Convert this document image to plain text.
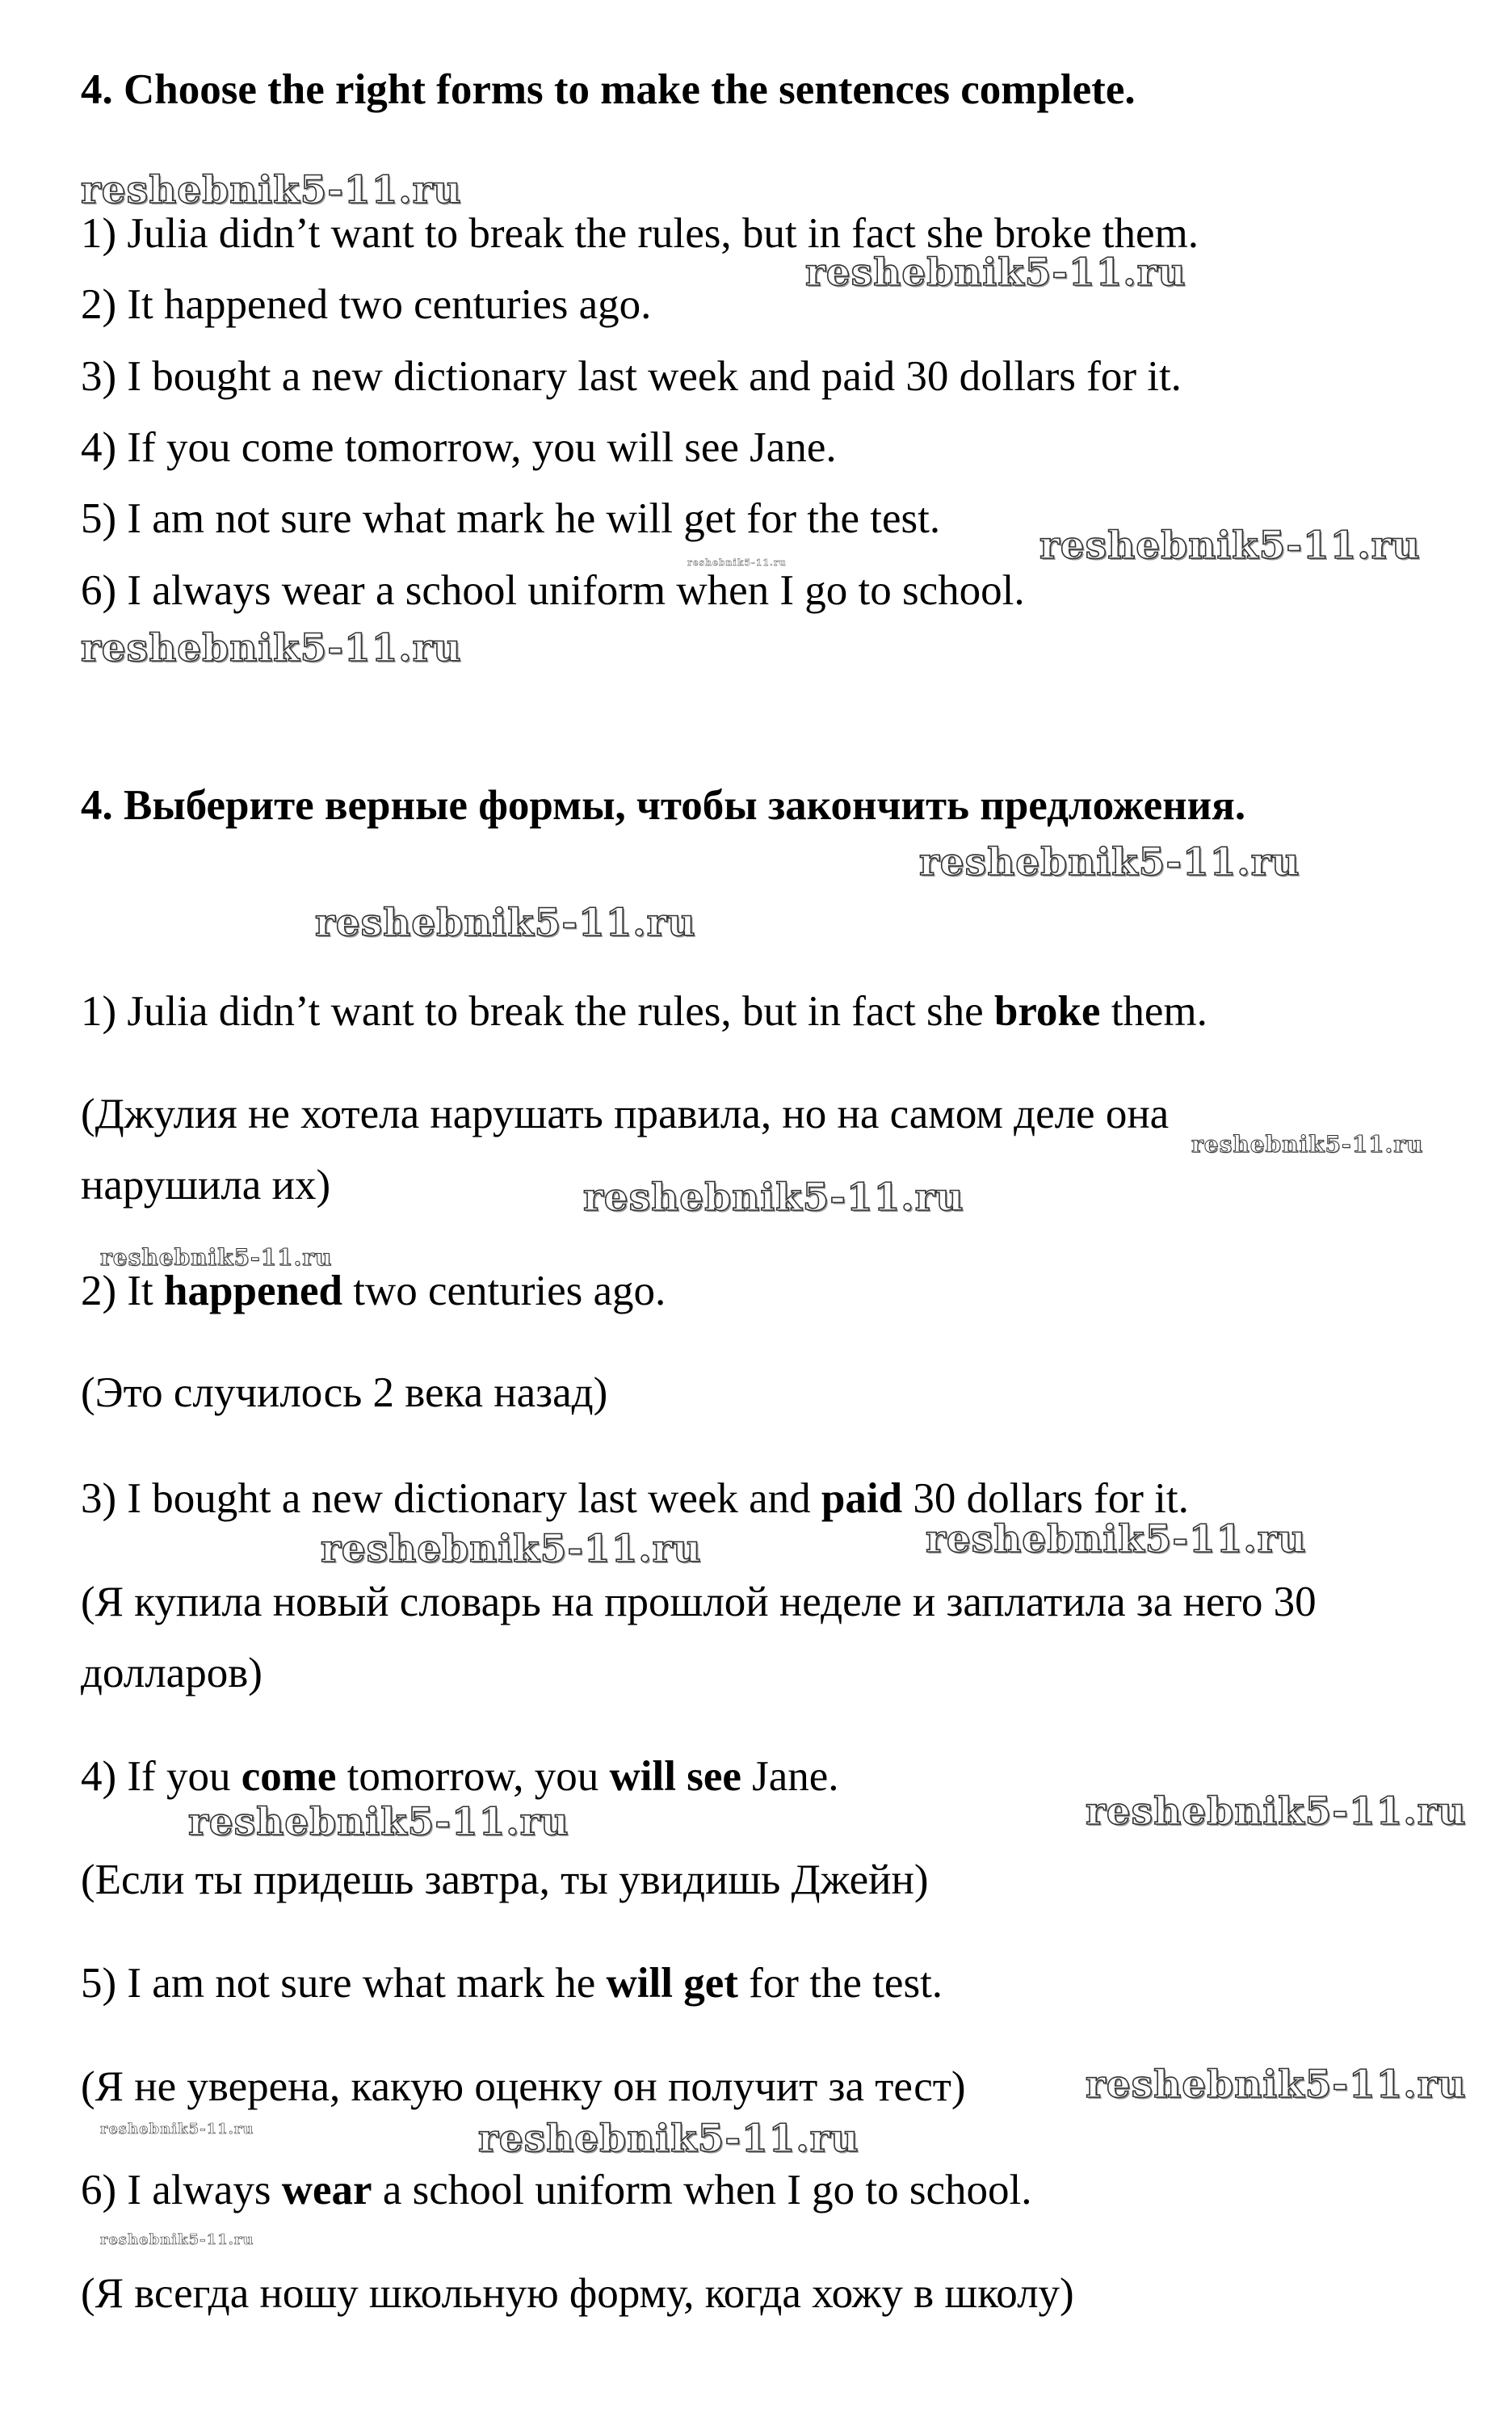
4. Choose the right forms to make the sentences complete.
1) Julia didn’t want to break the rules, but in fact she broke them.
2) It happened two centuries ago.
3) I bought a new dictionary last week and paid 30 dollars for it.
4) If you come tomorrow, you will see Jane.
5) I am not sure what mark he will get for the test.
6) I always wear a school uniform when I go to school.
4. Выберите верные формы, чтобы закончить предложения.
1) Julia didn’t want to break the rules, but in fact she broke them.
(Джулия не хотела нарушать правила, но на самом деле она
нарушила их)
2) It happened two centuries ago.
(Это случилось 2 века назад)
3) I bought a new dictionary last week and paid 30 dollars for it.
(Я купила новый словарь на прошлой неделе и заплатила за него 30
долларов)
4) If you come tomorrow, you will see Jane.
(Если ты придешь завтра, ты увидишь Джейн)
5) I am not sure what mark he will get for the test.
(Я не уверена, какую оценку он получит за тест)
6) I always wear a school uniform when I go to school.
(Я всегда ношу школьную форму, когда хожу в школу)
reshebnik5-11.ru
reshebnik5-11.ru
reshebnik5-11.ru
reshebnik5-11.ru
reshebnik5-11.ru
reshebnik5-11.ru
reshebnik5-11.ru
reshebnik5-11.ru
reshebnik5-11.ru
reshebnik5-11.ru
reshebnik5-11.ru	reshebnik5-11.ru
reshebnik5-11.ru
reshebnik5-11.ru
reshebnik5-11.ru
reshebnik5-11.ru	reshebnik5-11.ru
reshebnik5-11.ru
